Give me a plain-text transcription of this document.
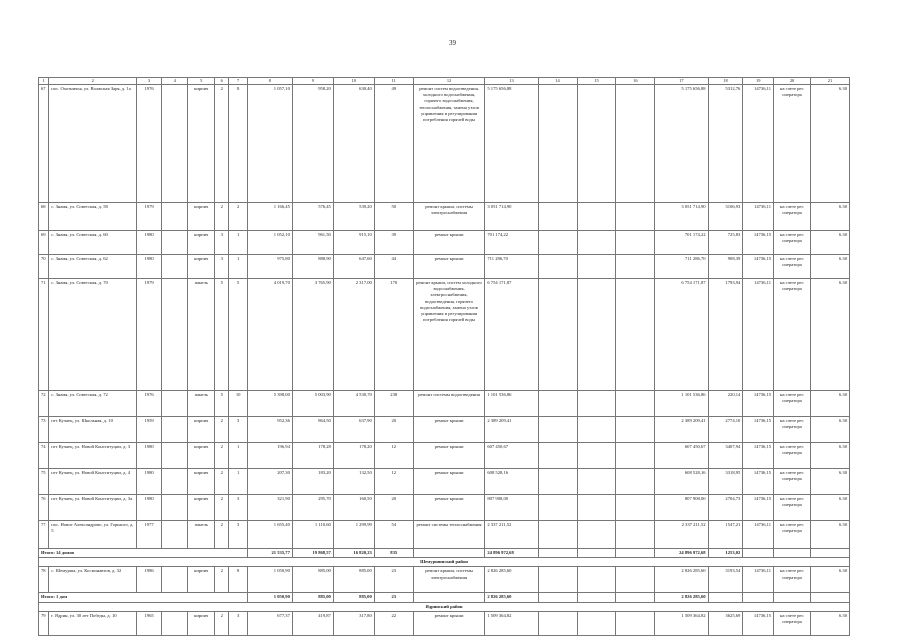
39
1	2	3	4	5	6	7	8	9	10	11	12	13	14	15	16	17	18	19	20	21
67	пос. Охотничья, ул. Волжская Заря, д. 1а	1976		кирпич	2	8	1 057,10	958,20	630,40	49	ремонт систем водоотведения, холодного водоснабжения, горячего водоснабжения, теплоснабжения, замена узлов управления и регулирования потребления горячей воды	5 175 656,88				5 175 656,88	5312,76	14736,11	на счете рег. оператора	6.30
68	с. Знамя, ул. Советская, д. 58	1979		кирпич	2	2	1 166,45	576,45	539,20	50	ремонт крыши, системы электроснабжения	3 051 714,90				3 051 714,90	3106,93	14736,11	на счете рег. оператора	6.30
69	с. Знамя, ул. Советская, д. 60	1980		кирпич	3	1	1 052,10	961,50	915,10	39	ремонт крыши	701 174,22				701 174,22	725,83	14736,15	на счете рег. оператора	6.30
70	с. Знамя, ул. Советская, д. 62	1980		кирпич	3	1	975,80	888,90	647,60	44	ремонт крыши	711 286,70				711 286,70	908,39	14736,15	на счете рег. оператора	6.30
71	с. Знамя, ул. Советская, д. 70	1979		панель	5	5	4 019,70	3 765,90	2 317,00	170	ремонт крыши, систем холодного водоснабжения, электроснабжения, водоотведения, горячего водоснабжения, замена узлов управления и регулирования потребления горячей воды	6 754 171,87				6 754 171,87	1793,94	14736,11	на счете рег. оператора	6.30
72	с. Знамя, ул. Советская, д. 72	1976		панель	5	10	5 398,00	5 003,90	4 530,70	238	ремонт системы водоотведения	1 101 536,86				1 101 536,86	220,14	14736,15	на счете рег. оператора	6.30
73	пгт Кузнец, ул. Школьная, д. 10	1959		кирпич	2	3	952,36	864,50	637,90	20	ремонт крыши	2 389 209,41				2 389 209,41	2774,10	14736,15	на счете рег. оператора	6.30
74	пгт Кузнец, ул. Новой Конституции, д. 3	1980		кирпич	2	1	196,94	178,28	178,20	12	ремонт крыши	607 450,67				607 450,67	3407,94	14736,15	на счете рег. оператора	6.30
75	пгт Кузнец, ул. Новой Конституции, д. 4	1980		кирпич	2	1	207,30	183,20	132,50	12	ремонт крыши	608 528,16				608 528,16	3318,95	14736,15	на счете рег. оператора	6.30
76	пгт Кузнец, ул. Новой Конституции, д. 3а	1980		кирпич	2	3	321,90	295,70	160,50	20	ремонт крыши	807 908,00				807 908,00	2704,73	14736,15	на счете рег. оператора	6.30
77	пос. Новое Александрово, ул. Горького, д. 5	1977		панель	2	3	1 655,40	1 110,60	1 299,99	54	ремонт системы теплоснабжения	2 337 211,52				2 337 211,52	1547,21	14736,11	на счете рег. оператора	6.30
Итого: 14 домов							21 535,77	19 868,57	16 820,23	835		24 896 972,68				24 896 972,68	1253,02			
Шемуршинский район																				
78	с. Шемурша, ул. Космонавтов, д. 32	1986		кирпич	2	8	1 050,90	885,00	885,00	23	ремонт крыши, системы электроснабжения	2 826 285,60				2 826 285,60	3193,54	14736,11	на счете рег. оператора	6.30
Итого: 1 дом							1 050,90	885,00	885,00	23		2 826 285,60				2 826 285,60				
Ядринский район																				
79	г. Ядрин, ул. 30 лет Победы, д. 10	1965		кирпич	2	3	677,37	419,87	317,80	22	ремонт крыши	1 509 364,82				1 509 364,82	3625,69	14736,15	на счете рег. оператора	6.30
